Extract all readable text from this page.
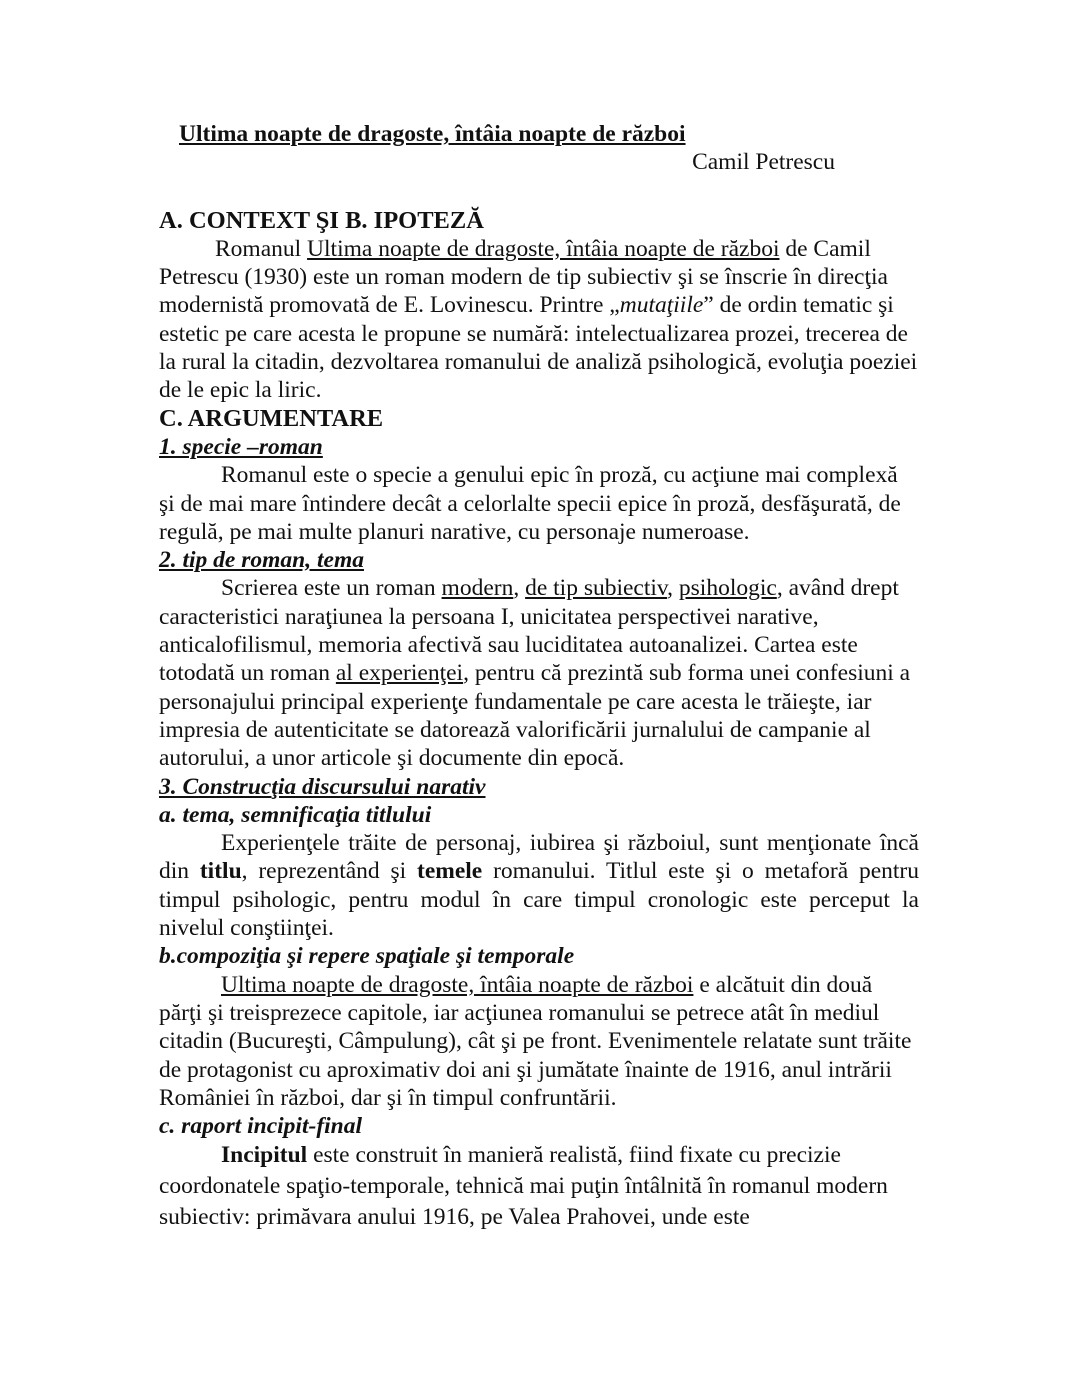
Ultima noapte de dragoste, întâia noapte de război

Camil Petrescu

A. CONTEXT ŞI B. IPOTEZĂ

Romanul Ultima noapte de dragoste, întâia noapte de război de Camil Petrescu (1930) este un roman modern de tip subiectiv şi se înscrie în direcţia modernistă promovată de E. Lovinescu. Printre „mutaţiile” de ordin tematic şi estetic pe care acesta le propune se numără: intelectualizarea prozei, trecerea de la rural la citadin, dezvoltarea romanului de analiză psihologică, evoluţia poeziei de le epic la liric.

C. ARGUMENTARE

1. specie –roman

Romanul este o specie a genului epic în proză, cu acţiune mai complexă şi de mai mare întindere decât a celorlalte specii epice în proză, desfăşurată, de regulă, pe mai multe planuri narative, cu personaje numeroase.

2. tip de roman, tema

Scrierea este un roman modern, de tip subiectiv, psihologic, având drept caracteristici naraţiunea la persoana I, unicitatea perspectivei narative, anticalofilismul, memoria afectivă sau luciditatea autoanalizei. Cartea este totodată un roman al experienţei, pentru că prezintă sub forma unei confesiuni a personajului principal experienţe fundamentale pe care acesta le trăieşte, iar impresia de autenticitate se datorează valorificării jurnalului de campanie al autorului, a unor articole şi documente din epocă.

3. Construcţia discursului narativ

a. tema, semnificaţia titlului

Experienţele trăite de personaj, iubirea şi războiul, sunt menţionate încă din titlu, reprezentând şi temele romanului. Titlul este şi o metaforă pentru timpul psihologic, pentru modul în care timpul cronologic este perceput la nivelul conştiinţei.

b.compoziţia şi repere spaţiale şi temporale

Ultima noapte de dragoste, întâia noapte de război e alcătuit din două părţi şi treisprezece capitole, iar acţiunea romanului se petrece atât în mediul citadin (Bucureşti, Câmpulung), cât şi pe front. Evenimentele relatate sunt trăite de protagonist cu aproximativ doi ani şi jumătate înainte de 1916, anul intrării României în război, dar şi în timpul confruntării.

c. raport incipit-final

Incipitul este construit în manieră realistă, fiind fixate cu precizie coordonatele spaţio-temporale, tehnică mai puţin întâlnită în romanul modern subiectiv: primăvara anului 1916, pe Valea Prahovei, unde este
